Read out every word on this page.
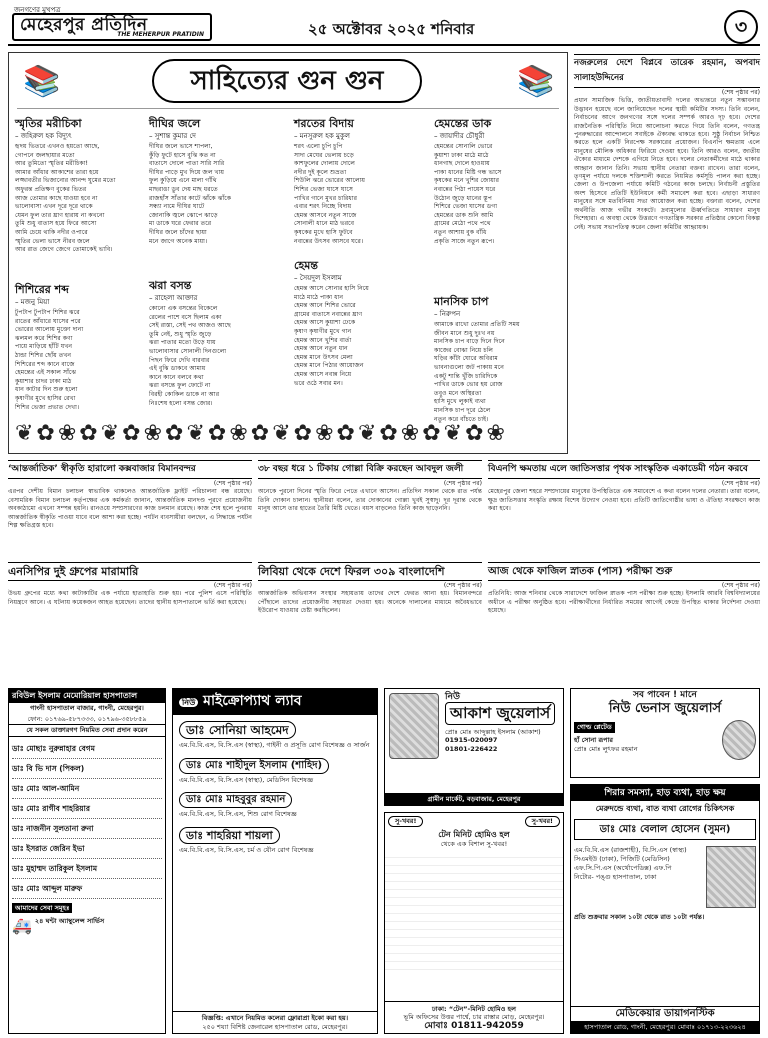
জনগণের মুখপত্র
মেহেরপুর প্রতিদিন
THE MEHERPUR PRATIDIN	২৫ অক্টোবর ২০২৫ শনিবার	৩
📚	সাহিত্যের গুন গুন	📚
স্মৃতির মরীচিকা
– জহিরুল হক বিদ্যুৎ
হৃদয় ভিতরে এখনও হয়তো আছে,
গোপনে জলছায়ার মতো
আর তুমিতো স্মৃতির মরীচিকা!
আমার আঁধার আকাশের তারা হয়ে
লজ্জাবতীর ভিজানোর আনন্দ ঘুমের মতো
অফুরন্ত প্রতিক্ষণ বুকের ভিতর
আজ তোমার কাছে যাওয়া হবে না
ভালোবাসা এখন দূরে দূরে থাকে
যেমন ফুল তার ঘ্রাণ হারায় না কখনো
তুমি শুধু বাতাস হয়ে ফিরে আসো
আমি চেয়ে থাকি নদীর ওপারে
স্মৃতির ভেলা ভাসে নীরব জলে
আর রাত জেগে জেগে তোমাকেই ভাবি।
দীঘির জলে
– সুশান্ত কুমার দে
দীঘির জলে ভাসে শাপলা,
কুঁড়ি ফুটে হাসে বুঝি কত না
বাতাসে দোলে পাতা সারি সারি
দীঘির পাড়ে মুখ দিয়ে জল খায়
ফুল কুড়িয়ে এনে মালা গাঁথি
মাছরাঙা ডুব দেয় মাছ ধরতে
রাজহাঁস সাঁতার কাটে ঝাঁকে ঝাঁকে
সন্ধ্যা নামে দীঘির ঘাটে
জোনাকি জ্বলে ঝোপে ঝাড়ে
মা ডাকে ঘরে ফেরার তরে
দীঘির জলে চাঁদের ছায়া
মনে জাগে অনেক মায়া।
শরতের বিদায়
– মনসুরুল হক মুকুল
শরৎ এলো চুপি চুপি
সাদা মেঘের ভেলায় চড়ে
কাশফুলের দোলায় দোলে
নদীর দুই কূলে শুভ্রতা
শিউলি ঝরে ভোরের আলোয়
শিশির ভেজা ঘাসে ঘাসে
পাখির গানে মুখর চারিধার
এবার শরৎ নিচ্ছে বিদায়
হেমন্ত আসবে নতুন সাজে
সোনালী ধানে মাঠ ভরবে
কৃষকের মুখে হাসি ফুটবে
নবান্নের উৎসব আসবে ঘরে।
হেমন্তের ডাক
– জায়াদীর চৌধুরী
হেমন্তের সোনালি ভোরে
কুয়াশা ঢাকা মাঠে মাঠে
ধানগাছ দোলে হাওয়ায়
পাকা ধানের মিষ্টি গন্ধ ভাসে
কৃষকের মনে খুশির জোয়ার
নবান্নের পিঠা পায়েস ঘরে
উঠোন জুড়ে ধানের স্তূপ
শিশিরে ভেজা ঘাসের ডগা
হেমন্তের ডাক শুনি আমি
গ্রামের মেঠো পথে পথে
নতুন আশায় বুক বাঁধি
প্রকৃতি সাজে নতুন রূপে।
শিশিরের শব্দ
– মজনু মিয়া
টুপটাপ টুপটাপ শিশির ঝরে
রাতের আঁধারে ঘাসের পরে
ভোরের আলোয় মুক্তো দানা
ঝলমল করে শিশির কণা
পায়ে মাড়িয়ে হাঁটি যখন
ঠান্ডা শিশির ছোঁয় তখন
শিশিরের শব্দ কানে বাজে
হেমন্তের এই সকাল সাঁঝে
কুয়াশার চাদর ঢাকা মাঠ
ধান কাটার দিন শুরু হলো
কৃষাণীর মুখে হাসির রেখা
শিশির ভেজা প্রভাত দেখা।
ঝরা বসন্ত
– রাহেলা আক্তার
কোনো এক বসন্তের বিকেলে
রেলের পাশে বসে ছিলাম একা
সেই রাস্তা, সেই পথ আজও আছে
তুমি নেই, শুধু স্মৃতি জুড়ে
ঝরা পাতার মতো উড়ে যায়
ভালোবাসার সোনালী দিনগুলো
পিছন ফিরে দেখি বারবার
এই বুঝি ডাকবে আমায়
কানে কানে বলবে কথা
ঝরা বসন্তে ফুল ফোটে না
বিরহী কোকিল ডাকে না আর
নিঃশেষ হলো বসন্ত জোর।
হেমন্ত
– সৈয়দুল ইসলাম
হেমন্ত আসে সোনার হাসি নিয়ে
মাঠে মাঠে পাকা ধান
হেমন্ত আনে শিশির ভোরে
গ্রামের বাতাসে নবান্নের ঘ্রাণ
হেমন্ত আসে কুয়াশা ঢেকে
কৃষাণ কৃষাণীর মুখে গান
হেমন্ত আনে খুশির বার্তা
হেমন্ত আনে নতুন ধান
হেমন্ত মানে উৎসব মেলা
হেমন্ত মানে পিঠার আয়োজন
হেমন্ত আসে নবান্ন নিয়ে
ভরে ওঠে সবার মন।
মানসিক চাপ
– নিরুপন
আমাকে রাখো তোমার প্রতিটি সময়
জীবন মানে শুধু দুঃখ নয়
মানসিক চাপ বাড়ে দিনে দিনে
কাজের বোঝা নিয়ে চলি
ঘড়ির কাঁটা ঘোরে অবিরাম
ভাবনাগুলো জট পাকায় মনে
একটু শান্তি খুঁজি চারিদিকে
পাখির ডাকে ভোর হয় রোজ
তবুও মনে অস্থিরতা
হাসি মুখে লুকাই ব্যথা
মানসিক চাপ দূরে ঠেলে
নতুন করে বাঁচতে চাই।
❦✿❀✿❦✿❀✿❦✿❀✿❦✿❀✿❦✿❀✿❦✿❀
নজরুলের দেশে বিপ্লবে তারেক রহমান, অপবাদ সালাহউদ্দিনের
(শেষ পৃষ্ঠার পর)
প্রধান সামাজিক ভিত্তি, জাতীয়তাবাদী দলের অভ্যন্তরে নতুন সম্ভাবনার উদ্ভাবন হয়েছে বলে জানিয়েছেন দলের স্থায়ী কমিটির সদস্য। তিনি বলেন, নির্বাচনের আগে জনগণের সঙ্গে দলের সম্পর্ক আরও দৃঢ় হবে। দেশের রাজনৈতিক পরিস্থিতি নিয়ে আলোচনা করতে গিয়ে তিনি বলেন, গণতন্ত্র পুনরুদ্ধারের আন্দোলনে সবাইকে ঐক্যবদ্ধ থাকতে হবে। সুষ্ঠু নির্বাচন নিশ্চিত করতে হলে একটি নিরপেক্ষ সরকারের প্রয়োজন। বিএনপি ক্ষমতায় এলে মানুষের মৌলিক অধিকার ফিরিয়ে দেওয়া হবে। তিনি আরও বলেন, জাতীয় ঐক্যের মাধ্যমে দেশকে এগিয়ে নিতে হবে। দলের নেতাকর্মীদের মাঠে থাকার আহ্বান জানান তিনি। সভায় স্থানীয় নেতারা বক্তব্য রাখেন। তারা বলেন, তৃণমূল পর্যায়ে দলকে শক্তিশালী করতে নিয়মিত কর্মসূচি পালন করা হচ্ছে। জেলা ও উপজেলা পর্যায়ে কমিটি গঠনের কাজ চলছে। নির্বাচনী প্রস্তুতির অংশ হিসেবে প্রতিটি ইউনিয়নে কর্মী সমাবেশ করা হবে। এছাড়া সাধারণ মানুষের সঙ্গে মতবিনিময় সভা আয়োজন করা হচ্ছে। বক্তারা বলেন, দেশের অর্থনীতি আজ গভীর সংকটে। দ্রব্যমূল্যের ঊর্ধ্বগতিতে সাধারণ মানুষ দিশেহারা। এ অবস্থা থেকে উত্তরণে গণতান্ত্রিক সরকার প্রতিষ্ঠার কোনো বিকল্প নেই। সভায় সভাপতিত্ব করেন জেলা কমিটির আহ্বায়ক।
‘আন্তর্জাতিক’ স্বীকৃতি হারালো কক্সবাজার বিমানবন্দর
(শেষ পৃষ্ঠার পর)
এরপর দেশীয় বিমান চলাচল স্বাভাবিক থাকলেও আন্তর্জাতিক ফ্লাইট পরিচালনা বন্ধ রয়েছে। বেসামরিক বিমান চলাচল কর্তৃপক্ষের এক কর্মকর্তা জানান, আন্তর্জাতিক মানদণ্ড পূরণে প্রয়োজনীয় অবকাঠামো এখনো সম্পন্ন হয়নি। রানওয়ে সম্প্রসারণের কাজ চলমান রয়েছে। কাজ শেষ হলে পুনরায় আন্তর্জাতিক স্বীকৃতি পাওয়া যাবে বলে আশা করা হচ্ছে। পর্যটন ব্যবসায়ীরা বলছেন, এ সিদ্ধান্তে পর্যটন শিল্প ক্ষতিগ্রস্ত হবে।
৩৮ বছর ধরে ১ টিকায় গোল্লা বিক্রি করছেন আবদুল জলী
(শেষ পৃষ্ঠার পর)
অনেকে পুরনো দিনের স্মৃতি ফিরে পেতে এখানে আসেন। প্রতিদিন সকাল থেকে রাত পর্যন্ত তিনি দোকান চালান। স্থানীয়রা বলেন, তার দোকানের গোল্লা খুবই সুস্বাদু। দূর দূরান্ত থেকে মানুষ আসে তার হাতের তৈরি মিষ্টি খেতে। বয়স বাড়লেও তিনি কাজ ছাড়েননি।
বিএনপি ক্ষমতায় এলে জাতিসত্তার পৃথক সাংস্কৃতিক একাডেমী গঠন করবে
(শেষ পৃষ্ঠার পর)
মেহেরপুর জেলা শহরে সম্প্রদায়ের মানুষের উপস্থিতিতে এক সমাবেশে এ কথা বলেন দলের নেতারা। তারা বলেন, ক্ষুদ্র জাতিসত্তার সংস্কৃতি রক্ষায় বিশেষ উদ্যোগ নেওয়া হবে। প্রতিটি জাতিগোষ্ঠীর ভাষা ও ঐতিহ্য সংরক্ষণে কাজ করা হবে।
এনসিপির দুই গ্রুপের মারামারি
(শেষ পৃষ্ঠার পর)
উভয় গ্রুপের মধ্যে কথা কাটাকাটির এক পর্যায়ে হাতাহাতি শুরু হয়। পরে পুলিশ এসে পরিস্থিতি নিয়ন্ত্রণে আনে। এ ঘটনায় কয়েকজন আহত হয়েছেন। তাদের স্থানীয় হাসপাতালে ভর্তি করা হয়েছে।
লিবিয়া থেকে দেশে ফিরল ৩০৯ বাংলাদেশি
(শেষ পৃষ্ঠার পর)
আন্তর্জাতিক অভিবাসন সংস্থার সহায়তায় তাদের দেশে ফেরত আনা হয়। বিমানবন্দরে পৌঁছালে তাদের প্রয়োজনীয় সহায়তা দেওয়া হয়। অনেকে দালালের মাধ্যমে অবৈধভাবে ইউরোপ যাওয়ার চেষ্টা করছিলেন।
আজ থেকে ফাজিল স্নাতক (পাস) পরীক্ষা শুরু
(শেষ পৃষ্ঠার পর)
প্রতিনিধি: আজ শনিবার থেকে সারাদেশে ফাজিল স্নাতক পাস পরীক্ষা শুরু হচ্ছে। ইসলামি আরবি বিশ্ববিদ্যালয়ের অধীনে এ পরীক্ষা অনুষ্ঠিত হবে। পরীক্ষার্থীদের নির্ধারিত সময়ের আগেই কেন্দ্রে উপস্থিত থাকার নির্দেশনা দেওয়া হয়েছে।
রবিউল ইসলাম মেমোরিয়াল হাসপাতাল
গাংনী হাসপাতাল বাজার, গাংনী, মেহেরপুর।
ফোন: ০১৭৬৯-৫৮৭৩৩৩, ০১৭৯৬-৩৫৮৮৫৯
যে সকল ডাক্তারগণ নিয়মিত সেবা প্রদান করেন
ডাঃ মোছাঃ নুরুন্নাহার বেগম
ডাঃ বি ভি দাস (পিকল)
ডাঃ মোঃ আল-আমিন
ডাঃ মোঃ রাগীব শাহরিয়ার
ডাঃ নাজনীন সুলতানা রুনা
ডাঃ ইসরাত জেরিন ইভা
ডাঃ মুহাম্মদ তারিকুল ইসলাম
ডাঃ মোঃ আব্দুল মারুফ
আমাদের সেবা সমূহঃ
🚑 ২৪ ঘন্টা অ্যাম্বুলেন্স সার্ভিস
নিউ মাইক্রোপ্যাথ ল্যাব
ডাঃ সোনিয়া আহমেদ
এম.বি.বি.এস, বি.সি.এস (স্বাস্থ্য), গাইনী ও প্রসূতি রোগ বিশেষজ্ঞ ও সার্জন
ডাঃ মোঃ শাহীদুল ইসলাম (শাহিদ)
এম.বি.বি.এস, বি.সি.এস (স্বাস্থ্য), মেডিসিন বিশেষজ্ঞ
ডাঃ মোঃ মাহবুবুর রহমান
এম.বি.বি.এস, বি.সি.এস, শিশু রোগ বিশেষজ্ঞ
ডাঃ শাহরিয়া শায়লা
এম.বি.বি.এস, বি.সি.এস, চর্ম ও যৌন রোগ বিশেষজ্ঞ
বিজ্ঞপ্তি: এখানে নিয়মিত কলেরা ফ্লোরাপ্রা ইকো করা হয়।
২৫০ শয্যা বিশিষ্ট জেনারেল হাসপাতাল রোড, মেহেরপুর।
নিউ
আকাশ জুয়েলার্স
প্রোঃ মোঃ আব্দুল্লাহ ইসলাম (আকাশ)
01915-020097
01801-226422
গ্রামীন মার্কেট, বড়বাজার, মেহেরপুর
সু-খবর!	সু-খবর!
টেন মিনিট হোমিও হল
থেকে এক বিশাল সু-খবর!
ঢাকা: “টেন”-মিনিট হোমিও হল
ভূমি অফিসের উত্তর পার্শ্বে, চার রাস্তার মোড়, মেহেরপুর।
মোবাঃ 01811-942059
সব পাবেন ! মানে
নিউ ভেনাস জুয়েলার্স
গোল্ড প্লেটেড
হাঁ সোনা রূপার
প্রোঃ মোঃ লুৎফর রহমান
শিরার সমস্যা, হাড় ব্যথা, হাড় ক্ষয়
মেরুদন্ডে ব্যথা, বাত ব্যথা রোগের চিকিৎসক
ডাঃ মোঃ বেলাল হোসেন (সুমন)
এম.বি.বি.এস (রাজশাহী), বি.সি.এস (স্বাস্থ্য)
সিএমইউ (ঢাকা), পিজিটি (মেডিসিন)
এফ.সি.পি.এস (অর্থোপেডিক্স) এফ.পি
নিটোর- পঙ্গু হাসপাতাল, ঢাকা
প্রতি শুক্রবার সকাল ১০টা থেকে রাত ১০টা পর্যন্ত।
মেডিকেয়ার ডায়াগনস্টিক
হাসপাতাল রোড, গাংনী, মেহেরপুর। মোবাঃ ০১৭১৩-২২৩৬২৪
